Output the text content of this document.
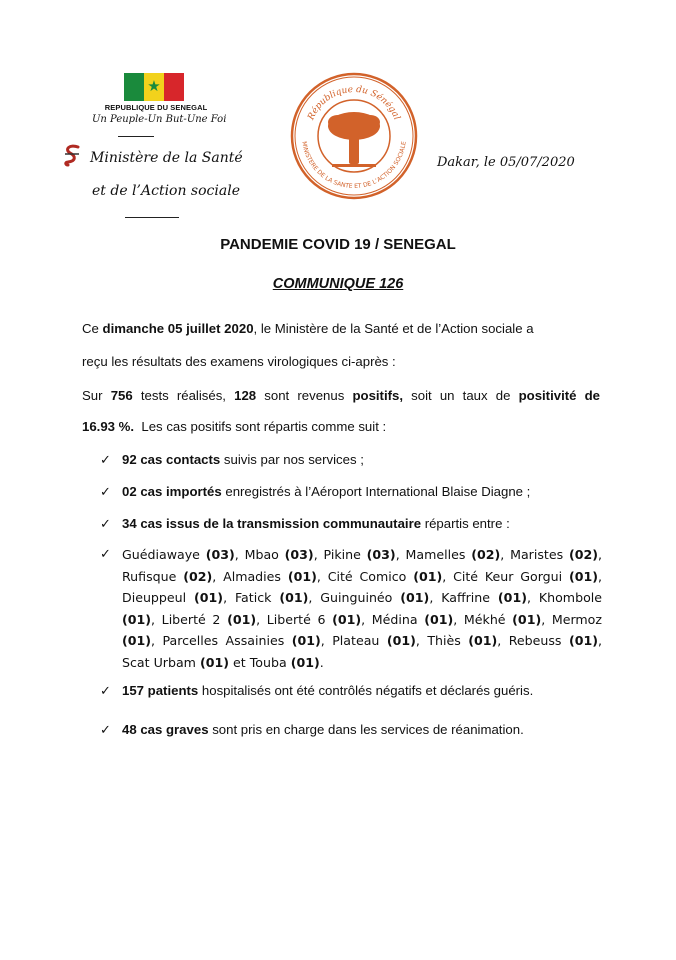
★
REPUBLIQUE DU SENEGAL
Un Peuple-Un But-Une Foi
Ministère de la Santé
et de l’Action sociale
République du Sénégal
MINISTERE DE LA SANTE ET DE L’ACTION SOCIALE
Dakar, le 05/07/2020
PANDEMIE COVID 19 / SENEGAL
COMMUNIQUE 126
Ce dimanche 05 juillet 2020, le Ministère de la Santé et de l’Action sociale a
reçu les résultats des examens virologiques ci-après :
Sur 756 tests réalisés, 128 sont revenus positifs, soit un taux de positivité de
16.93 %.  Les cas positifs sont répartis comme suit :
✓ 92 cas contacts suivis par nos services ;
✓ 02 cas importés enregistrés à l’Aéroport International Blaise Diagne ;
✓ 34 cas issus de la transmission communautaire répartis entre :
✓ Guédiawaye (03), Mbao (03), Pikine (03), Mamelles (02), Maristes (02), Rufisque (02), Almadies (01), Cité Comico (01), Cité Keur Gorgui (01), Dieuppeul (01), Fatick (01), Guinguinéo (01), Kaffrine (01), Khombole (01), Liberté 2 (01), Liberté 6 (01), Médina (01), Mékhé (01), Mermoz (01), Parcelles Assainies (01), Plateau (01), Thiès (01), Rebeuss (01), Scat Urbam (01) et Touba (01).
✓ 157 patients hospitalisés ont été contrôlés négatifs et déclarés guéris.
✓ 48 cas graves sont pris en charge dans les services de réanimation.
